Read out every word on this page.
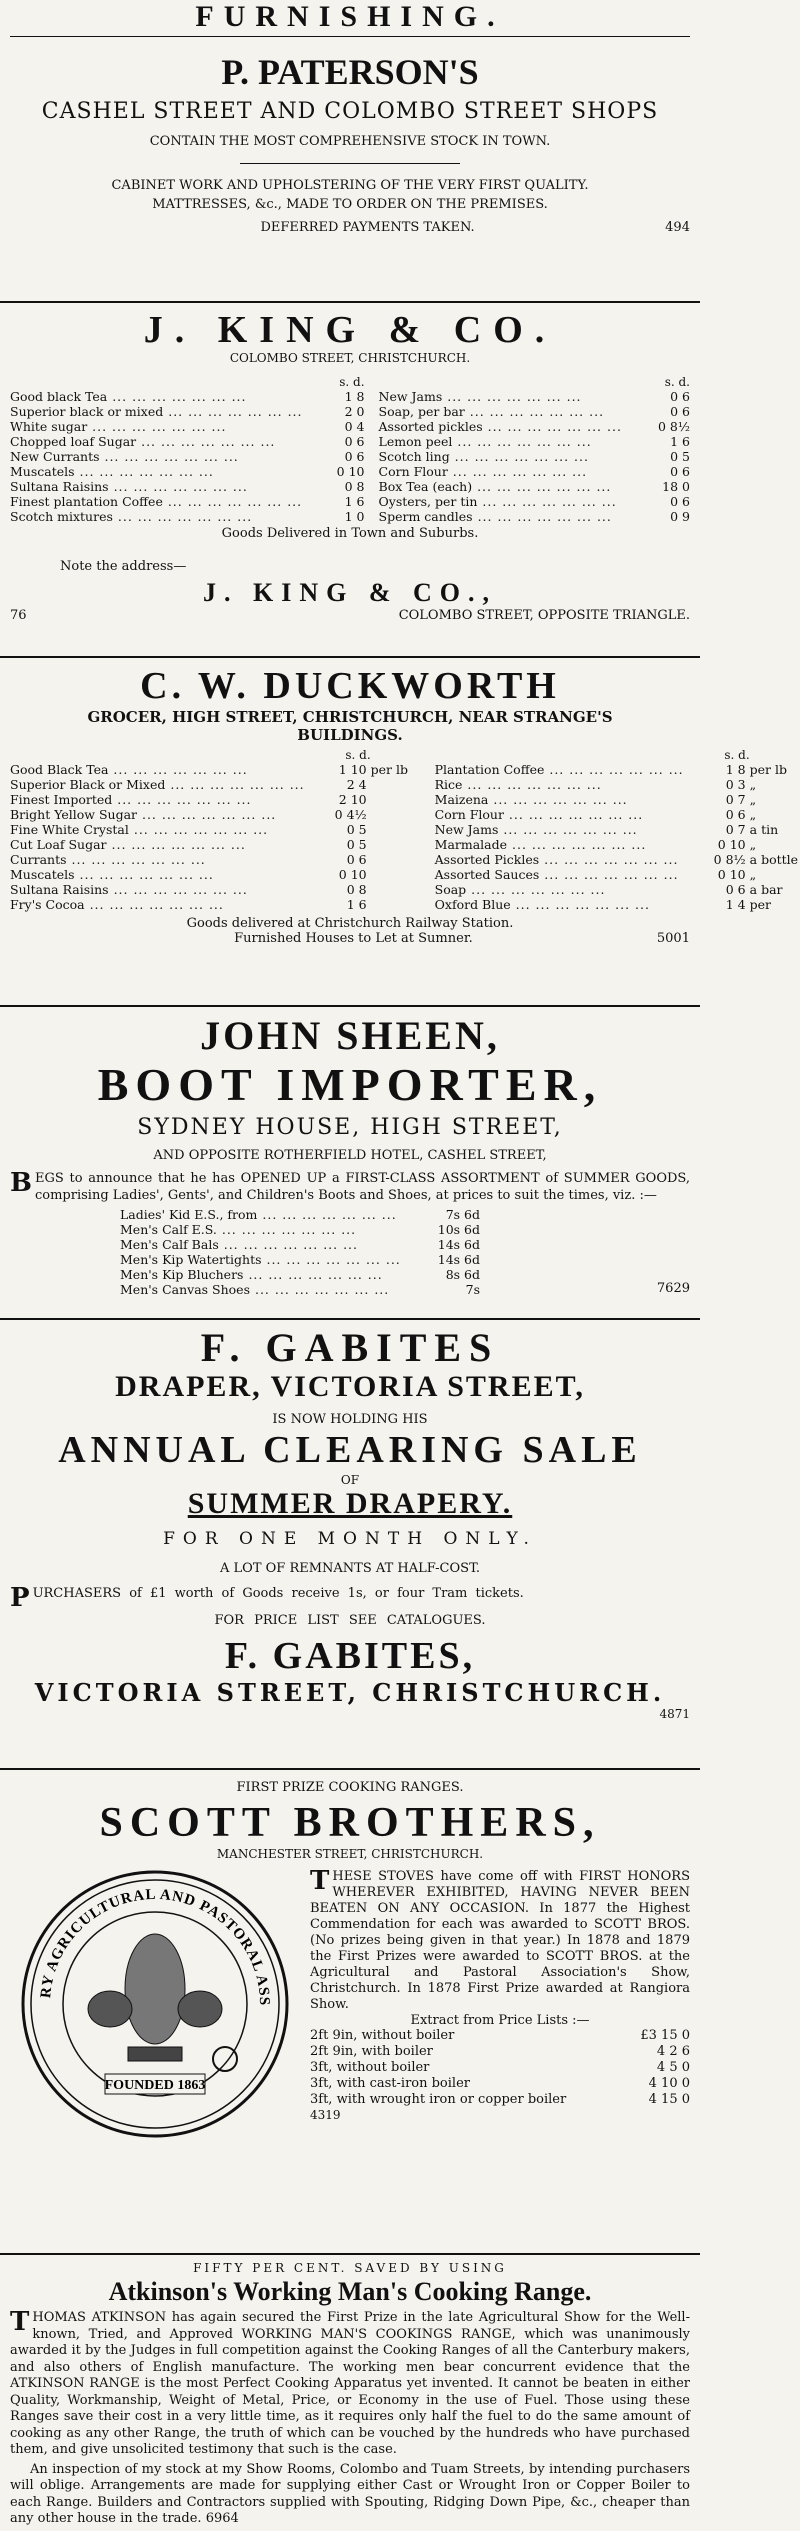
FURNISHING.
P. PATERSON'S
CASHEL STREET AND COLOMBO STREET SHOPS
CONTAIN THE MOST COMPREHENSIVE STOCK IN TOWN.
CABINET WORK AND UPHOLSTERING OF THE VERY FIRST QUALITY.
MATTRESSES, &c., MADE TO ORDER ON THE PREMISES.
DEFERRED PAYMENTS TAKEN.	494
J. KING & CO.
COLOMBO STREET, CHRISTCHURCH.
s. d.
Good black Tea ... .	1 8
Superior black or mixed ... .	2 0
White sugar ... .	0 4
Chopped loaf Sugar ... .	0 6
New Currants ... .	0 6
Muscatels ... .	0 10
Sultana Raisins ... .	0 8
Finest plantation Coffee ... .	1 6
Scotch mixtures ... .	1 0
s. d.
New Jams ... .	0 6
Soap, per bar ... .	0 6
Assorted pickles ... .	0 8½
Lemon peel ... .	1 6
Scotch ling ... .	0 5
Corn Flour ... .	0 6
Box Tea (each) ... .	18 0
Oysters, per tin ... .	0 6
Sperm candles ... .	0 9
Goods Delivered in Town and Suburbs.
Note the address—
J. KING & CO.,
76	COLOMBO STREET, OPPOSITE TRIANGLE.
C. W. DUCKWORTH
GROCER, HIGH STREET, CHRISTCHURCH, NEAR STRANGE'S
BUILDINGS.
s. d.
Good Black Tea ... .	1 10 per lb
Superior Black or Mixed ... .	2 4
Finest Imported ... .	2 10
Bright Yellow Sugar ... .	0 4½
Fine White Crystal ... .	0 5
Cut Loaf Sugar ... .	0 5
Currants ... .	0 6
Muscatels ... .	0 10
Sultana Raisins ... .	0 8
Fry's Cocoa ... .	1 6
s. d.
Plantation Coffee ... .	1 8 per lb
Rice ... .	0 3 „
Maizena ... .	0 7 „
Corn Flour ... .	0 6 „
New Jams ... .	0 7 a tin
Marmalade ... .	0 10 „
Assorted Pickles ... .	0 8½ a bottle
Assorted Sauces ... .	0 10 „
Soap ... .	0 6 a bar
Oxford Blue ... .	1 4 per
Goods delivered at Christchurch Railway Station.
Furnished Houses to Let at Sumner.	5001
JOHN SHEEN,
BOOT IMPORTER,
SYDNEY HOUSE, HIGH STREET,
AND OPPOSITE ROTHERFIELD HOTEL, CASHEL STREET,
BEGS to announce that he has OPENED UP a FIRST-CLASS ASSORTMENT of SUMMER GOODS, comprising Ladies', Gents', and Children's Boots and Shoes, at prices to suit the times, viz. :—
Ladies' Kid E.S., from ... .	7s 6d
Men's Calf E.S. ... .	10s 6d
Men's Calf Bals ... .	14s 6d
Men's Kip Watertights ... .	14s 6d
Men's Kip Bluchers ... .	8s 6d
Men's Canvas Shoes ... .	7s	7629
F. GABITES
DRAPER, VICTORIA STREET,
IS NOW HOLDING HIS
ANNUAL CLEARING SALE
OF
SUMMER DRAPERY.
FOR ONE MONTH ONLY.
A LOT OF REMNANTS AT HALF-COST.
PURCHASERS of £1 worth of Goods receive 1s, or four Tram tickets.
FOR PRICE LIST SEE CATALOGUES.
F. GABITES,
VICTORIA STREET, CHRISTCHURCH.
4871
FIRST PRIZE COOKING RANGES.
SCOTT BROTHERS,
MANCHESTER STREET, CHRISTCHURCH.
RY AGRICULTURAL AND PASTORAL ASS
FOUNDED 1863

THESE STOVES have come off with FIRST HONORS WHEREVER EXHIBITED, HAVING NEVER BEEN BEATEN ON ANY OCCASION. In 1877 the Highest Commendation for each was awarded to SCOTT BROS. (No prizes being given in that year.) In 1878 and 1879 the First Prizes were awarded to SCOTT BROS. at the Agricultural and Pastoral Association's Show, Christchurch. In 1878 First Prize awarded at Rangiora Show.

Extract from Price Lists :—
2ft 9in, without boiler	£3 15 0
2ft 9in, with boiler	4 2 6
3ft, without boiler	4 5 0
3ft, with cast-iron boiler	4 10 0
3ft, with wrought iron or copper boiler	4 15 0
4319
FIFTY PER CENT. SAVED BY USING
Atkinson's Working Man's Cooking Range.
THOMAS ATKINSON has again secured the First Prize in the late Agricultural Show for the Well-known, Tried, and Approved WORKING MAN'S COOKINGS RANGE, which was unanimously awarded it by the Judges in full competition against the Cooking Ranges of all the Canterbury makers, and also others of English manufacture. The working men bear concurrent evidence that the ATKINSON RANGE is the most Perfect Cooking Apparatus yet invented. It cannot be beaten in either Quality, Workmanship, Weight of Metal, Price, or Economy in the use of Fuel. Those using these Ranges save their cost in a very little time, as it requires only half the fuel to do the same amount of cooking as any other Range, the truth of which can be vouched by the hundreds who have purchased them, and give unsolicited testimony that such is the case.
An inspection of my stock at my Show Rooms, Colombo and Tuam Streets, by intending purchasers will oblige. Arrangements are made for supplying either Cast or Wrought Iron or Copper Boiler to each Range. Builders and Contractors supplied with Spouting, Ridging Down Pipe, &c., cheaper than any other house in the trade. 6964
